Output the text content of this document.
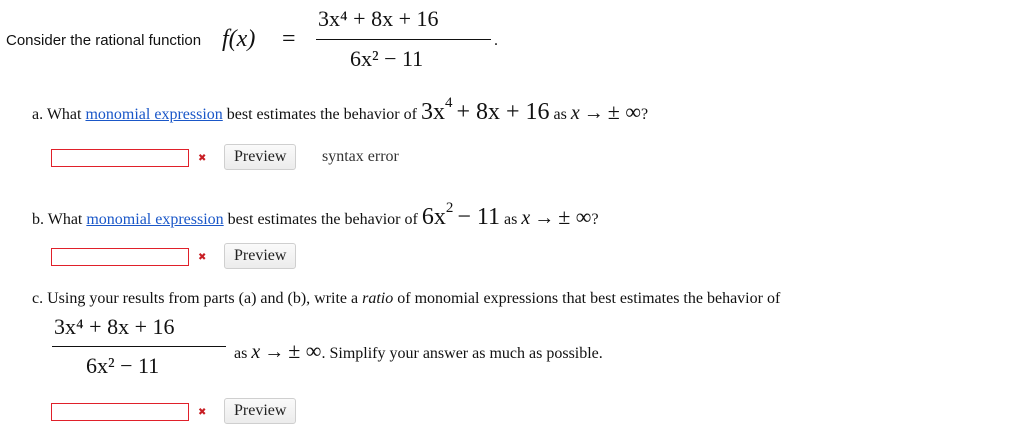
Consider the rational function f(x) =
3x⁴ + 8x + 16
6x² − 11
.
a. What monomial expression best estimates the behavior of $3x^4 + 8x + 16$ as x → ± ∞?
✖	Preview	syntax error
b. What monomial expression best estimates the behavior of $6x^2 - 11$ as x → ± ∞?
✖	Preview
c. Using your results from parts (a) and (b), write a ratio of monomial expressions that best estimates the behavior of
3x⁴ + 8x + 16
6x² − 11	as x → ± ∞. Simplify your answer as much as possible.
✖	Preview
